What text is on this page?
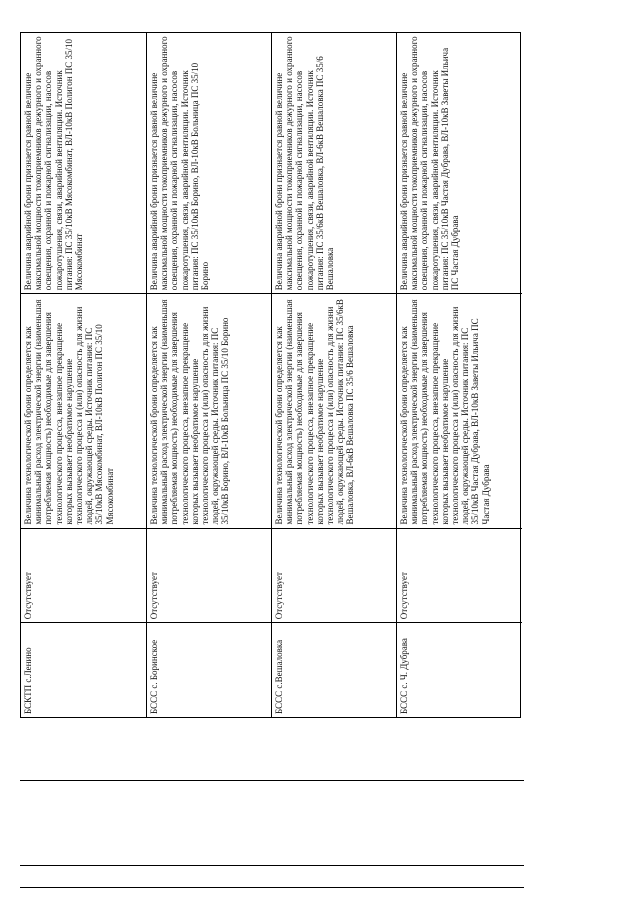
БСКТП с.Ленино
Отсутствует
Величина технологической брони определяется как минимальный расход электрической энергии (наименьшая потребляемая мощность) необходимые для завершения технологического процесса, внезапное прекращение которых вызывает необратимое нарушение технологического процесса и (или) опасность для жизни людей, окружающей среды. Источник питания: ПС 35/10кВ Мясокомбинат, ВЛ-10кВ Полигон ПС 35/10 Мясокомбинат
Величина аварийной брони признается равной величине максимальной мощности токоприемников дежурного и охранного освещения, охранной и пожарной сигнализации, насосов пожаротушения, связи, аварийной вентиляции. Источник питания: ПС 35/10кВ Мясокомбинат, ВЛ-10кВ Полигон ПС 35/10 Мясокомбинат
БССС с. Боринское
Отсутствует
Величина технологической брони определяется как минимальный расход электрической энергии (наименьшая потребляемая мощность) необходимые для завершения технологического процесса, внезапное прекращение которых вызывает необратимое нарушение технологического процесса и (или) опасность для жизни людей, окружающей среды. Источник питания: ПС 35/10кВ Борино, ВЛ-10кВ Больница ПС 35/10 Борино
Величина аварийной брони признается равной величине максимальной мощности токоприемников дежурного и охранного освещения, охранной и пожарной сигнализации, насосов пожаротушения, связи, аварийной вентиляции. Источник питания: ПС 35/10кВ Борино, ВЛ-10кВ Больница ПС 35/10 Борино
БССС с.Вешаловка
Отсутствует
Величина технологической брони определяется как минимальный расход электрической энергии (наименьшая потребляемая мощность) необходимые для завершения технологического процесса, внезапное прекращение которых вызывает необратимое нарушение технологического процесса и (или) опасность для жизни людей, окружающей среды. Источник питания: ПС 35/6кВ Вешаловка, ВЛ-6кВ Вешаловка ПС 35/6 Вешаловка
Величина аварийной брони признается равной величине максимальной мощности токоприемников дежурного и охранного освещения, охранной и пожарной сигнализации, насосов пожаротушения, связи, аварийной вентиляции. Источник питания: ПС 35/6кВ Вешаловка, ВЛ-6кВ Вешаловка ПС 35/6 Вешаловка
БССС с. Ч. Дубрава
Отсутствует
Величина технологической брони определяется как минимальный расход электрической энергии (наименьшая потребляемая мощность) необходимые для завершения технологического процесса, внезапное прекращение которых вызывает необратимое нарушение технологического процесса и (или) опасность для жизни людей, окружающей среды. Источник питания: ПС 35/10кВ Частая Дубрава, ВЛ-10кВ Заветы Ильича ПС Частая Дубрава
Величина аварийной брони признается равной величине максимальной мощности токоприемников дежурного и охранного освещения, охранной и пожарной сигнализации, насосов пожаротушения, связи, аварийной вентиляции. Источник питания: ПС 35/10кВ Частая Дубрава, ВЛ-10кВ Заветы Ильича ПС Частая Дубрава
